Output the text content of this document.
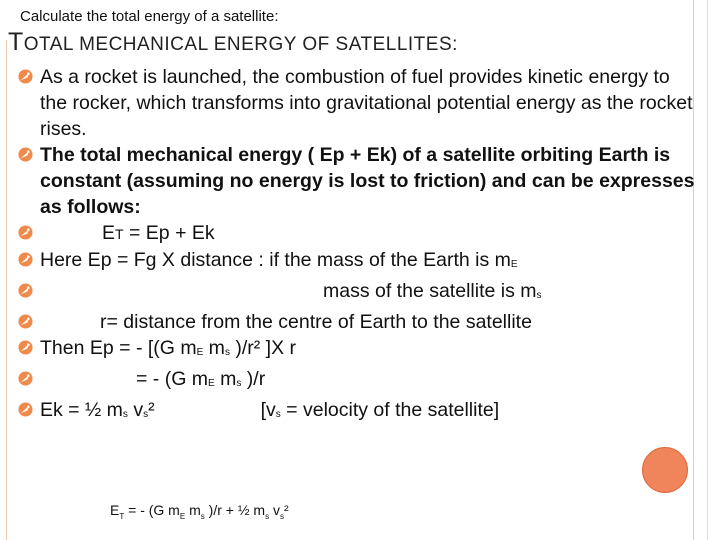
Calculate the total energy of a satellite:
TOTAL MECHANICAL ENERGY OF SATELLITES:
As a rocket is launched, the combustion of fuel provides kinetic energy to the rocker, which transforms into gravitational potential energy as the rocket rises.
The total mechanical energy ( Ep + Ek) of a satellite orbiting Earth is constant (assuming no energy is lost to friction) and can be expresses as follows:
ET = Ep + Ek
Here Ep = Fg X distance : if the mass of the Earth is $m_E$
mass of the satellite is $m_s$
r= distance from the centre of Earth to the satellite
Then Ep = - [(G $m_E$ $m_s$ )/r² ]X r
= - (G $m_E$ $m_s$ )/r
Ek = ½ $m_s$ $v_s^2$	[$v_s$ = velocity of the satellite]
$E_T$ = - (G $m_E$ $m_s$ )/r + ½ $m_s$ $v_s^2$
